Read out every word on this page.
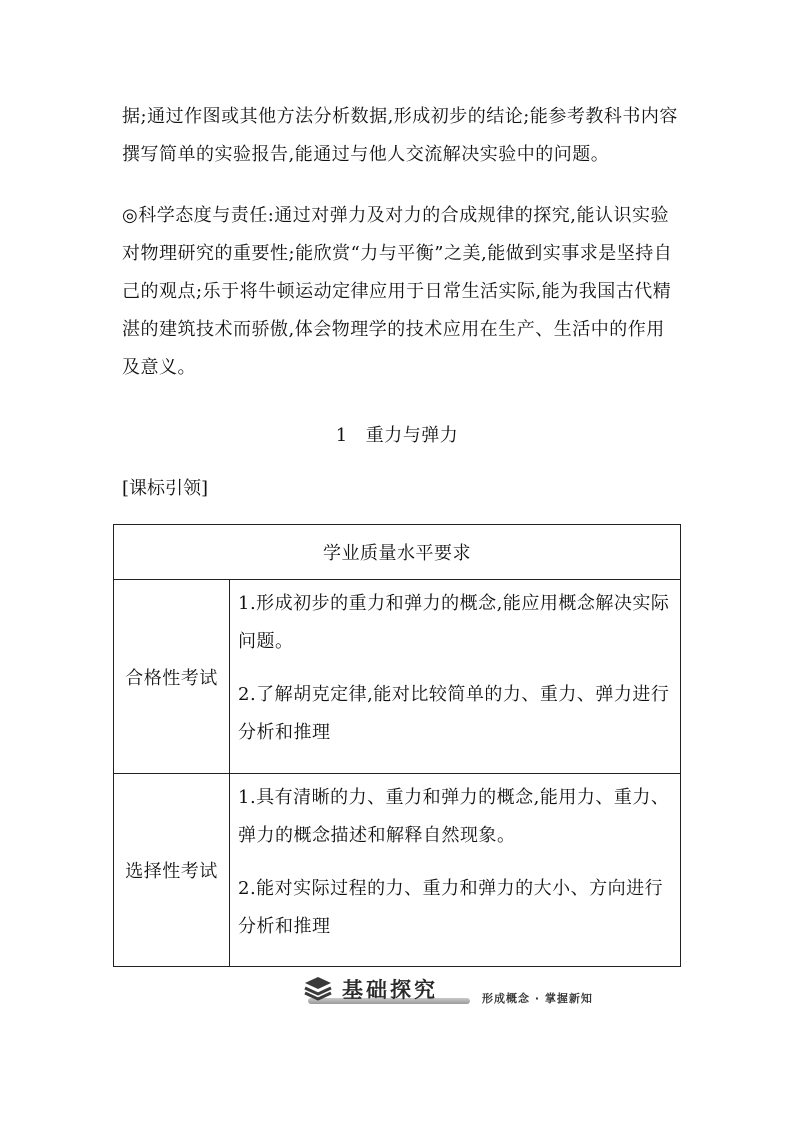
据;通过作图或其他方法分析数据,形成初步的结论;能参考教科书内容撰写简单的实验报告,能通过与他人交流解决实验中的问题。

◎科学态度与责任:通过对弹力及对力的合成规律的探究,能认识实验对物理研究的重要性;能欣赏“力与平衡”之美,能做到实事求是坚持自己的观点;乐于将牛顿运动定律应用于日常生活实际,能为我国古代精湛的建筑技术而骄傲,体会物理学的技术应用在生产、生活中的作用及意义。

1 重力与弹力
[课标引领]
学业质量水平要求	
合格性考试	1.形成初步的重力和弹力的概念,能应用概念解决实际问题。

2.了解胡克定律,能对比较简单的力、重力、弹力进行分析和推理

选择性考试	1.具有清晰的力、重力和弹力的概念,能用力、重力、弹力的概念描述和解释自然现象。

2.能对实际过程的力、重力和弹力的大小、方向进行分析和推理

基础探究	形成概念 · 掌握新知
